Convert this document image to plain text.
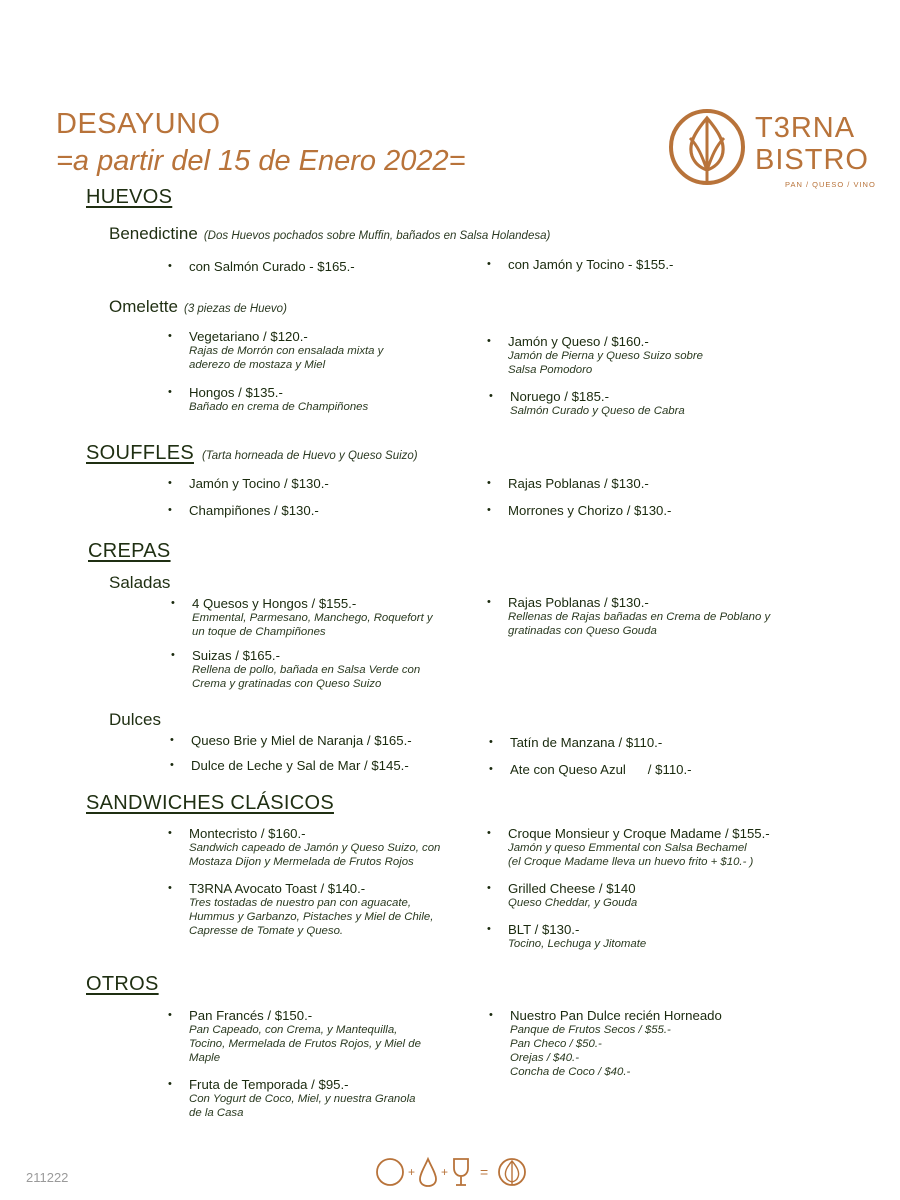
DESAYUNO
=a partir del 15 de Enero 2022=
T3RNA
BISTRO
PAN / QUESO / VINO
HUEVOS
Benedictine (Dos Huevos pochados sobre Muffin, bañados en Salsa Holandesa)
• con Salmón Curado - $165.-	• con Jamón y Tocino - $155.-
Omelette (3 piezas de Huevo)
• Vegetariano / $120.-
Rajas de Morrón con ensalada mixta y
aderezo de mostaza y Miel
• Hongos / $135.-
Bañado en crema de Champiñones
• Jamón y Queso / $160.-
Jamón de Pierna y Queso Suizo sobre
Salsa Pomodoro
• Noruego / $185.-
Salmón Curado y Queso de Cabra
SOUFFLES (Tarta horneada de Huevo y Queso Suizo)
• Jamón y Tocino / $130.-
• Champiñones / $130.-
• Rajas Poblanas / $130.-
• Morrones y Chorizo / $130.-
CREPAS
Saladas
• 4 Quesos y Hongos / $155.-
Emmental, Parmesano, Manchego, Roquefort y
un toque de Champiñones
• Suizas / $165.-
Rellena de pollo, bañada en Salsa Verde con
Crema y gratinadas con Queso Suizo
• Rajas Poblanas / $130.-
Rellenas de Rajas bañadas en Crema de Poblano y
gratinadas con Queso Gouda
Dulces
• Queso Brie y Miel de Naranja / $165.-
• Dulce de Leche y Sal de Mar / $145.-
• Tatín de Manzana / $110.-
• Ate con Queso Azul      / $110.-
SANDWICHES CLÁSICOS
• Montecristo / $160.-
Sandwich capeado de Jamón y Queso Suizo, con
Mostaza Dijon y Mermelada de Frutos Rojos
• T3RNA Avocato Toast / $140.-
Tres tostadas de nuestro pan con aguacate,
Hummus y Garbanzo, Pistaches y Miel de Chile,
Capresse de Tomate y Queso.
• Croque Monsieur y Croque Madame / $155.-
Jamón y queso Emmental con Salsa Bechamel
(el Croque Madame lleva un huevo frito + $10.- )
• Grilled Cheese / $140
Queso Cheddar, y Gouda
• BLT / $130.-
Tocino, Lechuga y Jitomate
OTROS
• Pan Francés / $150.-
Pan Capeado, con Crema, y Mantequilla,
Tocino, Mermelada de Frutos Rojos, y Miel de
Maple
• Fruta de Temporada / $95.-
Con Yogurt de Coco, Miel, y nuestra Granola
de la Casa
• Nuestro Pan Dulce recién Horneado
Panque de Frutos Secos / $55.-
Pan Checo / $50.-
Orejas / $40.-
Concha de Coco / $40.-
211222	+ + =
